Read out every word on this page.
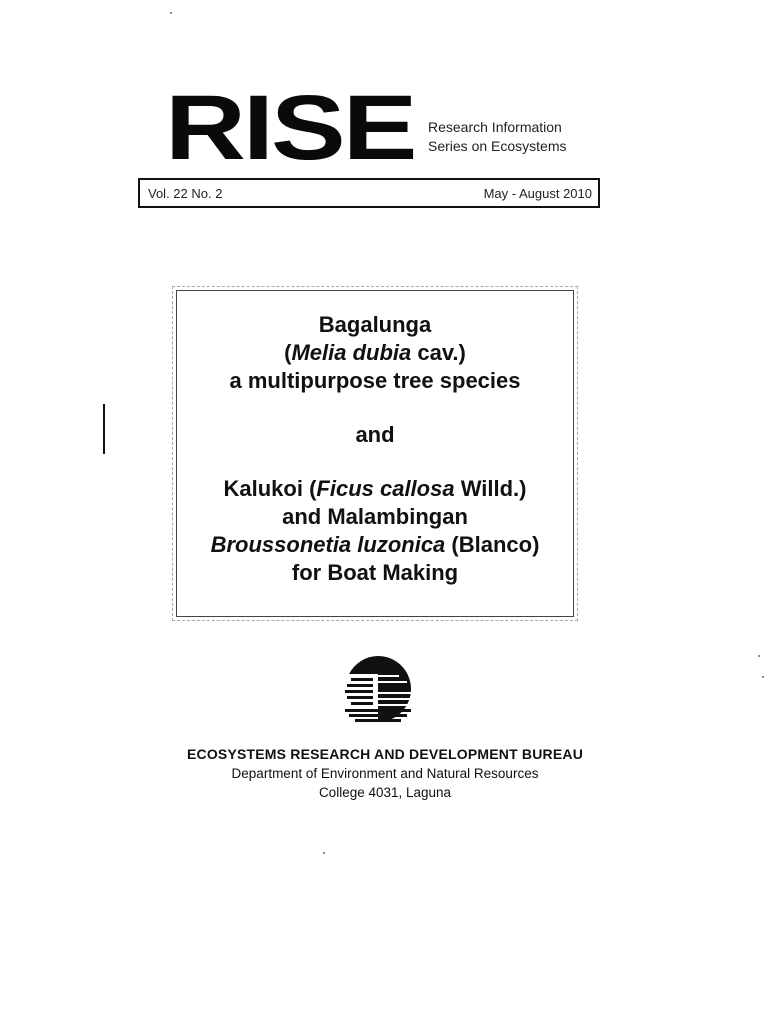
RISE Research Information
Series on Ecosystems
Vol. 22 No. 2	May - August 2010
Bagalunga
(Melia dubia cav.)
a multipurpose tree species
and
Kalukoi (Ficus callosa Willd.)
and Malambingan
Broussonetia luzonica (Blanco)
for Boat Making
ECOSYSTEMS RESEARCH AND DEVELOPMENT BUREAU
Department of Environment and Natural Resources
College 4031, Laguna
